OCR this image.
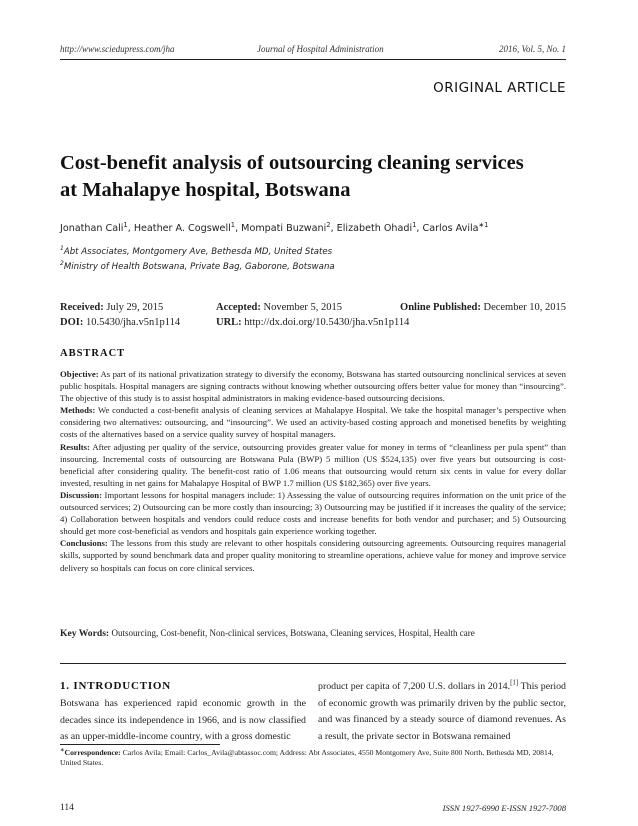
http://www.sciedupress.com/jha	Journal of Hospital Administration	2016, Vol. 5, No. 1
ORIGINAL ARTICLE
Cost-benefit analysis of outsourcing cleaning services
at Mahalapye hospital, Botswana
Jonathan Cali$^1$, Heather A. Cogswell$^1$, Mompati Buzwani$^2$, Elizabeth Ohadi$^1$, Carlos Avila$^{∗1}$
$^1$Abt Associates, Montgomery Ave, Bethesda MD, United States
$^2$Ministry of Health Botswana, Private Bag, Gaborone, Botswana
Received: July 29, 2015	Accepted: November 5, 2015	Online Published: December 10, 2015
DOI: 10.5430/jha.v5n1p114	URL: http://dx.doi.org/10.5430/jha.v5n1p114
ABSTRACT

Objective: As part of its national privatization strategy to diversify the economy, Botswana has started outsourcing nonclinical services at seven public hospitals. Hospital managers are signing contracts without knowing whether outsourcing offers better value for money than “insourcing”. The objective of this study is to assist hospital administrators in making evidence-based outsourcing decisions.

Methods: We conducted a cost-benefit analysis of cleaning services at Mahalapye Hospital. We take the hospital manager’s perspective when considering two alternatives: outsourcing, and “insourcing”. We used an activity-based costing approach and monetised benefits by weighting costs of the alternatives based on a service quality survey of hospital managers.

Results: After adjusting per quality of the service, outsourcing provides greater value for money in terms of “cleanliness per pula spent” than insourcing. Incremental costs of outsourcing are Botswana Pula (BWP) 5 million (US $524,135) over five years but outsourcing is cost-beneficial after considering quality. The benefit-cost ratio of 1.06 means that outsourcing would return six cents in value for every dollar invested, resulting in net gains for Mahalapye Hospital of BWP 1.7 million (US $182,365) over five years.

Discussion: Important lessons for hospital managers include: 1) Assessing the value of outsourcing requires information on the unit price of the outsourced services; 2) Outsourcing can be more costly than insourcing; 3) Outsourcing may be justified if it increases the quality of the service; 4) Collaboration between hospitals and vendors could reduce costs and increase benefits for both vendor and purchaser; and 5) Outsourcing should get more cost-beneficial as vendors and hospitals gain experience working together.

Conclusions: The lessons from this study are relevant to other hospitals considering outsourcing agreements. Outsourcing requires managerial skills, supported by sound benchmark data and proper quality monitoring to streamline operations, achieve value for money and improve service delivery so hospitals can focus on core clinical services.

Key Words: Outsourcing, Cost-benefit, Non-clinical services, Botswana, Cleaning services, Hospital, Health care
1. INTRODUCTION
Botswana has experienced rapid economic growth in the decades since its independence in 1966, and is now classified as an upper-middle-income country, with a gross domestic
product per capita of 7,200 U.S. dollars in 2014.[1] This period of economic growth was primarily driven by the public sector, and was financed by a steady source of diamond revenues. As a result, the private sector in Botswana remained
∗Correspondence: Carlos Avila; Email: Carlos_Avila@abtassoc.com; Address: Abt Associates, 4550 Montgomery Ave, Suite 800 North, Bethesda MD, 20814, United States.
114	ISSN 1927-6990 E-ISSN 1927-7008
